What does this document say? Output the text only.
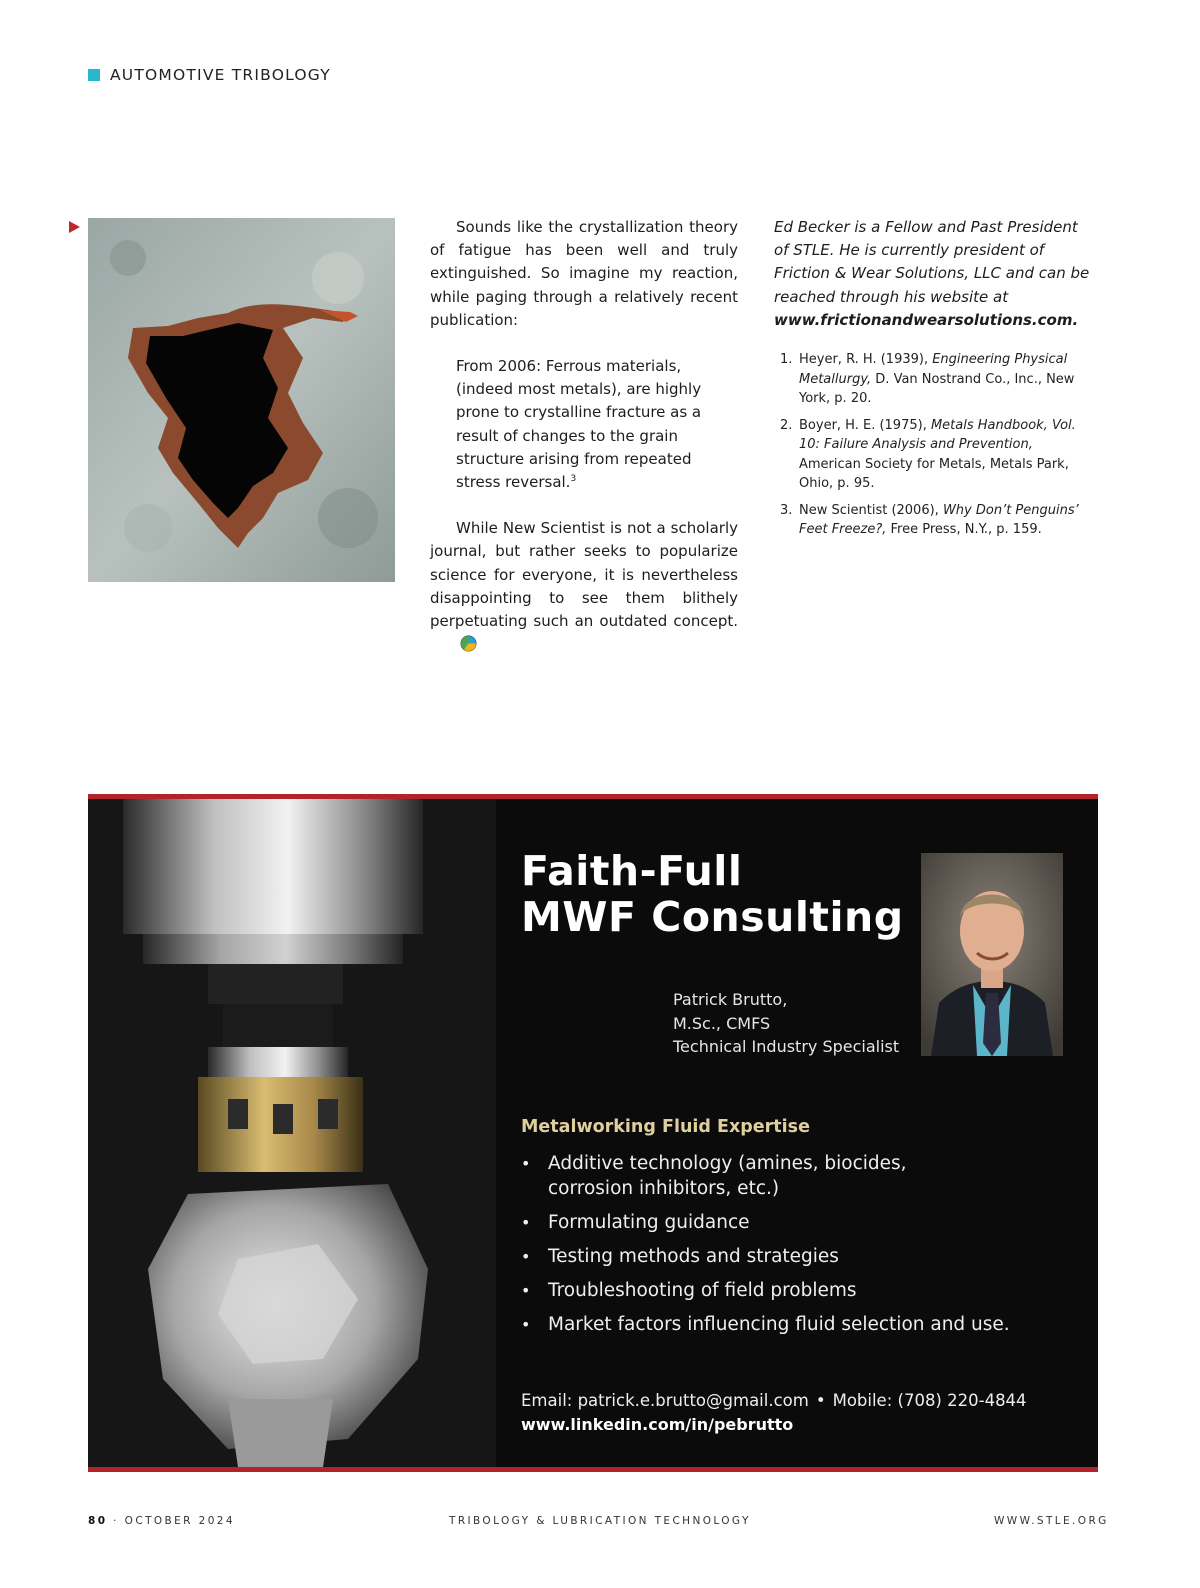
AUTOMOTIVE TRIBOLOGY

Sounds like the crystallization theory of fatigue has been well and truly extinguished. So imagine my reaction, while paging through a relatively recent publication:

From 2006: Ferrous materials, (indeed most metals), are highly prone to crystalline fracture as a result of changes to the grain structure arising from repeated stress reversal.$^3$

While New Scientist is not a scholarly journal, but rather seeks to popularize science for everyone, it is nevertheless disappointing to see them blithely perpetuating such an outdated concept.

Ed Becker is a Fellow and Past President of STLE. He is currently president of Friction & Wear Solutions, LLC and can be reached through his website at www.frictionandwearsolutions.com.

1. Heyer, R. H. (1939), Engineering Physical Metallurgy, D. Van Nostrand Co., Inc., New York, p. 20.
2. Boyer, H. E. (1975), Metals Handbook, Vol. 10: Failure Analysis and Prevention, American Society for Metals, Metals Park, Ohio, p. 95.
3. New Scientist (2006), Why Don’t Penguins’ Feet Freeze?, Free Press, N.Y., p. 159.
Faith-Full
MWF Consulting
Patrick Brutto,
M.Sc., CMFS
Technical Industry Specialist
Metalworking Fluid Expertise
• Additive technology (amines, biocides, corrosion inhibitors, etc.)
• Formulating guidance
• Testing methods and strategies
• Troubleshooting of field problems
• Market factors influencing fluid selection and use.
Email: patrick.e.brutto@gmail.com • Mobile: (708) 220-4844
www.linkedin.com/in/pebrutto
80 · OCTOBER 2024	TRIBOLOGY & LUBRICATION TECHNOLOGY	WWW.STLE.ORG
